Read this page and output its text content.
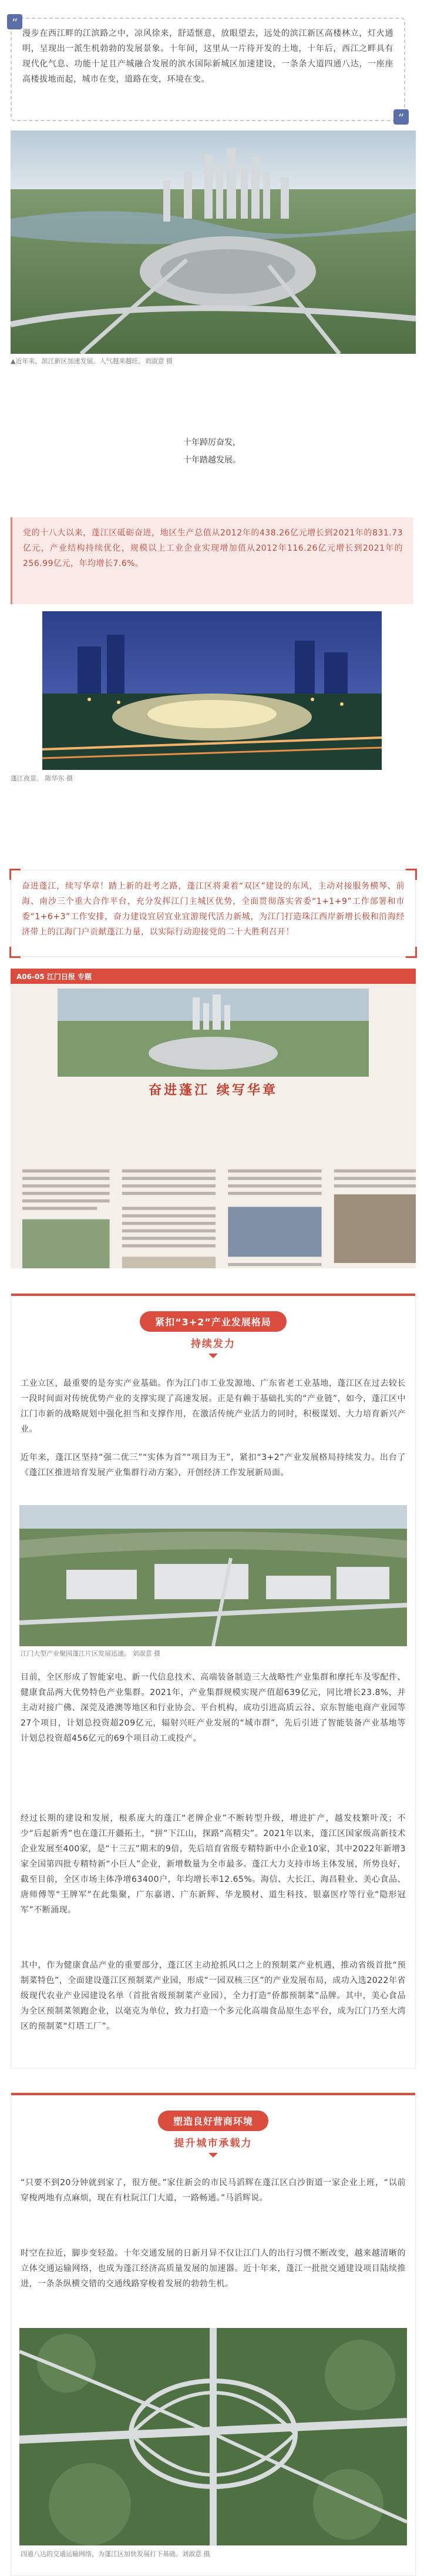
“

漫步在西江畔的江滨路之中，凉风徐来，舒适惬意，放眼望去，远处的滨江新区高楼林立，灯火通明，呈现出一派生机勃勃的发展景象。十年间，这里从一片待开发的土地，十年后，西江之畔具有现代化气息、功能十足且产城融合发展的滨水国际新城区加速建设，一条条大道四通八达，一座座高楼拔地而起，城市在变，道路在变，环境在变。

”
▲近年来，滨江新区加速发展。人气越来越旺。刘淑意 摄
十年踔厉奋发，
十年踏越发展。

党的十八大以来，蓬江区砥砺奋进，地区生产总值从2012年的438.26亿元增长到2021年的831.73亿元，产业结构持续优化，规模以上工业企业实现增加值从2012年116.26亿元增长到2021年的256.99亿元，年均增长7.6%。

蓬江夜景。 陈华东 摄

奋进蓬江，续写华章！踏上新的赶考之路，蓬江区将秉着“双区”建设的东风，主动对接服务横琴、前海、南沙三个重大合作平台，充分发挥江门主城区优势，全面贯彻落实省委“1+1+9”工作部署和市委“1+6+3”工作安排，奋力建设宜居宜业宜游现代活力新城，为江门打造珠江西岸新增长极和沿海经济带上的江海门户贡献蓬江力量，以实际行动迎接党的二十大胜利召开！

A06-05 江门日报 专题
奋进蓬江 续写华章
紧扣“3+2”产业发展格局
持续发力

工业立区，最重要的是夯实产业基础。作为江门市工业发源地、广东省老工业基地，蓬江区在过去较长一段时间面对传统优势产业的支撑实现了高速发展。正是有赖于基础扎实的“产业链”，如今，蓬江区中江门市新的战略规划中强化担当和支撑作用，在激活传统产业活力的同时，积极谋划、大力培育新兴产业。

近年来，蓬江区坚持“强二优三”“实体为首”“项目为王”，紧扣“3+2”产业发展格局持续发力。出台了《蓬江区推进培育发展产业集群行动方案》，开创经济工作发展新局面。

江门大型产业聚园蓬江片区发展迅速。 刘淑意 摄

目前，全区形成了智能家电、新一代信息技术、高端装备制造三大战略性产业集群和摩托车及零配件、健康食品两大优势特色产业集群。2021年，产业集群规模实现产值超639亿元，同比增长23.8%，并主动对接广佛、深莞及港澳等地区和行业协会、平台机构，成功引进高质云谷、京东智能电商产业园等27个项目，计划总投资超209亿元，辐射兴旺产业发展的“城市群”，先后引进了智能装备产业基地等计划总投资超456亿元的69个项目动工或投产。

经过长期的建设和发展，根系庞大的蓬江“老牌企业”不断转型升级，增进扩产，越发枝繁叶茂；不少“后起新秀”也在蓬江开疆拓土，“拼”下江山，探路“高精尖”。2021年以来，蓬江区国家级高新技术企业发展至400家，是“十三五”期末的9倍，先后培育省级专精特新中小企业10家，其中2022年新增3家全国第四批专精特新“小巨人”企业，新增数量为全市最多。蓬江大力支持市场主体发展，所势良好，截至目前，全区市场主体净增63400户，年均增长率12.65%。海信、大长江、海昌鞋业、美心食品、唐师傅等“王牌军”在此集聚，广东嘉谱、广东新辉、华龙膜材、道生科技、银嘉医疗等行业“隐形冠军”不断涌现。

其中，作为健康食品产业的重要部分，蓬江区主动抢抓风口之上的预制菜产业机遇，推动省级首批“预制菜特色”，全面建设蓬江区预制菜产业园，形成“一园双核三区”的产业发展布局，成功入选2022年省级现代农业产业园建设名单（首批省级预制菜产业园），全力打造“侨都预制菜”品牌。其中，美心食品为全区预制菜领跑企业，以毫克为单位，致力打造一个多元化高端食品原生态平台，成为江门乃至大湾区的预制菜“灯塔工厂”。

塑造良好营商环境
提升城市承载力

“只要不到20分钟就到家了，很方便。”家住新会的市民马滔辉在蓬江区白沙街道一家企业上班，“以前穿梭两地有点麻烦，现在有杜阮江门大道，一路畅通。”马滔辉说。

时空在拉近，脚步变轻盈。十年交通发展的日新月异不仅让江门人的出行习惯不断改变，越来越清晰的立体交通运输网络，也成为蓬江经济高质量发展的加速器。近十年来，蓬江一批批交通建设项目陆续推进，一条条纵横交错的交通线路穿梭着发展的勃勃生机。

四通八达的交通运输网络，为蓬江区加快发展打下基础。刘淑意 摄
